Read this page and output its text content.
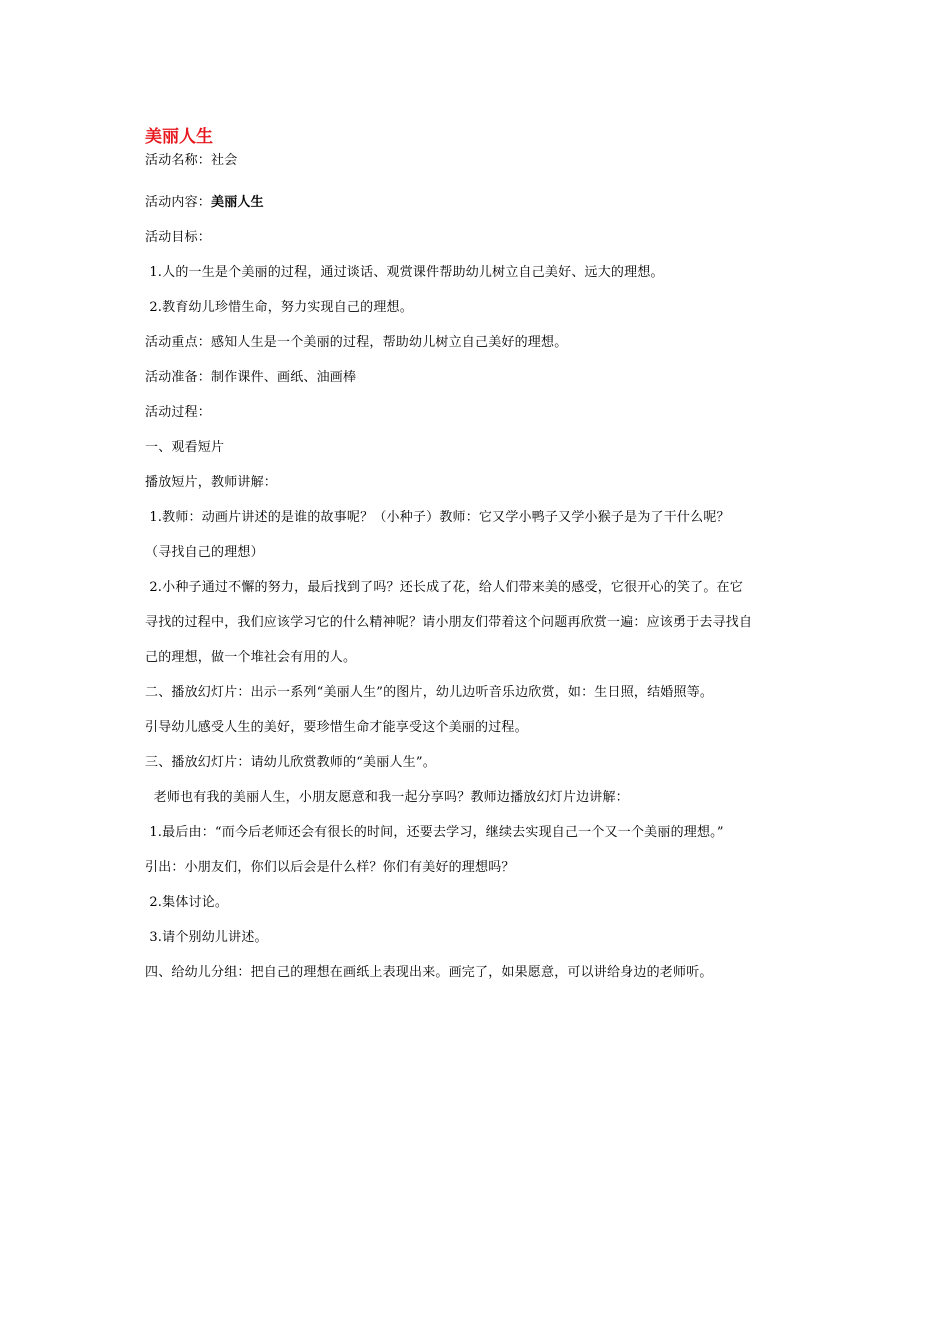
美丽人生
活动名称：社会
活动内容：美丽人生
活动目标：
1.人的一生是个美丽的过程，通过谈话、观赏课件帮助幼儿树立自己美好、远大的理想。
2.教育幼儿珍惜生命，努力实现自己的理想。
活动重点：感知人生是一个美丽的过程，帮助幼儿树立自己美好的理想。
活动准备：制作课件、画纸、油画棒
活动过程：
一、观看短片
播放短片，教师讲解：
1.教师：动画片讲述的是谁的故事呢？（小种子）教师：它又学小鸭子又学小猴子是为了干什么呢？
（寻找自己的理想）
2.小种子通过不懈的努力，最后找到了吗？还长成了花，给人们带来美的感受，它很开心的笑了。在它
寻找的过程中，我们应该学习它的什么精神呢？请小朋友们带着这个问题再欣赏一遍：应该勇于去寻找自
己的理想，做一个堆社会有用的人。
二、播放幻灯片：出示一系列“美丽人生”的图片，幼儿边听音乐边欣赏，如：生日照，结婚照等。
引导幼儿感受人生的美好，要珍惜生命才能享受这个美丽的过程。
三、播放幻灯片：请幼儿欣赏教师的“美丽人生”。
老师也有我的美丽人生，小朋友愿意和我一起分享吗？教师边播放幻灯片边讲解：
1.最后由：“而今后老师还会有很长的时间，还要去学习，继续去实现自己一个又一个美丽的理想。”
引出：小朋友们，你们以后会是什么样？你们有美好的理想吗？
2.集体讨论。
3.请个别幼儿讲述。
四、给幼儿分组：把自己的理想在画纸上表现出来。画完了，如果愿意，可以讲给身边的老师听。
